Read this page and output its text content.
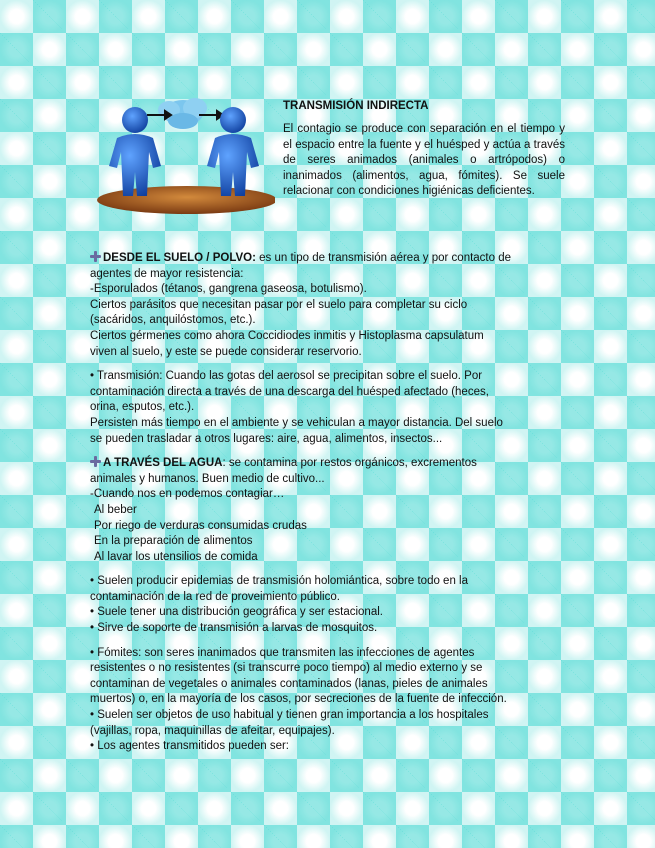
TRANSMISIÓN INDIRECTA

El contagio se produce con separación en el tiempo y el espacio entre la fuente y el huésped y actúa a través de seres animados (animales o artrópodos) o inanimados (alimentos, agua, fómites). Se suele relacionar con condiciones higiénicas deficientes.

DESDE EL SUELO / POLVO: es un tipo de transmisión aérea y por contacto de
agentes de mayor resistencia:
-Esporulados (tétanos, gangrena gaseosa, botulismo).
Ciertos parásitos que necesitan pasar por el suelo para completar su ciclo
(sacáridos, anquilóstomos, etc.).
Ciertos gérmenes como ahora Coccidiodes inmitis y Histoplasma capsulatum
viven al suelo, y este se puede considerar reservorio.
• Transmisión: Cuando las gotas del aerosol se precipitan sobre el suelo. Por
contaminación directa a través de una descarga del huésped afectado (heces,
orina, esputos, etc.).
Persisten más tiempo en el ambiente y se vehiculan a mayor distancia. Del suelo
se pueden trasladar a otros lugares: aire, agua, alimentos, insectos...
A TRAVÉS DEL AGUA: se contamina por restos orgánicos, excrementos
animales y humanos. Buen medio de cultivo...
-Cuando nos en podemos contagiar…
Al beber
Por riego de verduras consumidas crudas
En la preparación de alimentos
Al lavar los utensilios de comida
• Suelen producir epidemias de transmisión holomiántica, sobre todo en la
contaminación de la red de proveimiento público.
• Suele tener una distribución geográfica y ser estacional.
• Sirve de soporte de transmisión a larvas de mosquitos.
• Fómites: son seres inanimados que transmiten las infecciones de agentes
resistentes o no resistentes (si transcurre poco tiempo) al medio externo y se
contaminan de vegetales o animales contaminados (lanas, pieles de animales
muertos) o, en la mayoría de los casos, por secreciones de la fuente de infección.
• Suelen ser objetos de uso habitual y tienen gran importancia a los hospitales
(vajillas, ropa, maquinillas de afeitar, equipajes).
• Los agentes transmitidos pueden ser:
